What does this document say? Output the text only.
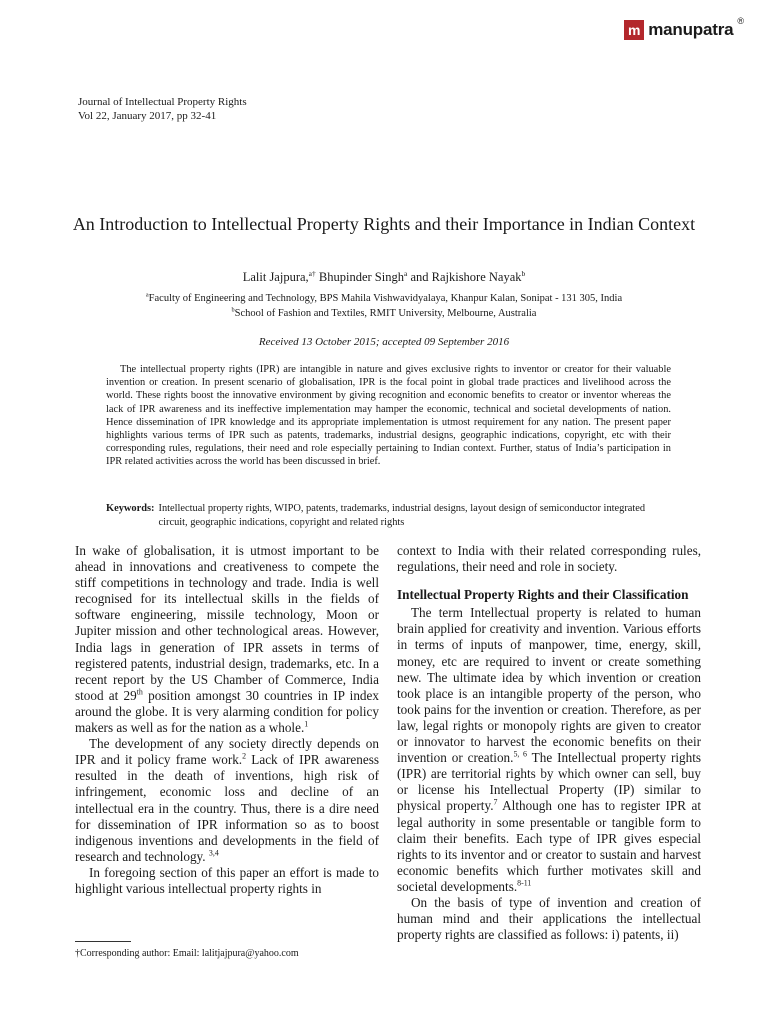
m manupatra ®
Journal of Intellectual Property Rights
Vol 22, January 2017, pp 32-41
An Introduction to Intellectual Property Rights and their Importance in Indian Context
Lalit Jajpura,$^{a\dagger}$ Bhupinder Singh$^a$ and Rajkishore Nayak$^b$
$^a$Faculty of Engineering and Technology, BPS Mahila Vishwavidyalaya, Khanpur Kalan, Sonipat - 131 305, India
$^b$School of Fashion and Textiles, RMIT University, Melbourne, Australia
Received 13 October 2015; accepted 09 September 2016

The intellectual property rights (IPR) are intangible in nature and gives exclusive rights to inventor or creator for their valuable invention or creation. In present scenario of globalisation, IPR is the focal point in global trade practices and livelihood across the world. These rights boost the innovative environment by giving recognition and economic benefits to creator or inventor whereas the lack of IPR awareness and its ineffective implementation may hamper the economic, technical and societal developments of nation. Hence dissemination of IPR knowledge and its appropriate implementation is utmost requirement for any nation. The present paper highlights various terms of IPR such as patents, trademarks, industrial designs, geographic indications, copyright, etc with their corresponding rules, regulations, their need and role especially pertaining to Indian context. Further, status of India’s participation in IPR related activities across the world has been discussed in brief.

Keywords: Intellectual property rights, WIPO, patents, trademarks, industrial designs, layout design of semiconductor integrated circuit, geographic indications, copyright and related rights

In wake of globalisation, it is utmost important to be ahead in innovations and creativeness to compete the stiff competitions in technology and trade. India is well recognised for its intellectual skills in the fields of software engineering, missile technology, Moon or Jupiter mission and other technological areas. However, India lags in generation of IPR assets in terms of registered patents, industrial design, trademarks, etc. In a recent report by the US Chamber of Commerce, India stood at 29th position amongst 30 countries in IP index around the globe. It is very alarming condition for policy makers as well as for the nation as a whole.$^1$

The development of any society directly depends on IPR and it policy frame work.$^2$ Lack of IPR awareness resulted in the death of inventions, high risk of infringement, economic loss and decline of an intellectual era in the country. Thus, there is a dire need for dissemination of IPR information so as to boost indigenous inventions and developments in the field of research and technology. $^{3,4}$

In foregoing section of this paper an effort is made to highlight various intellectual property rights in

context to India with their related corresponding rules, regulations, their need and role in society.

Intellectual Property Rights and their Classification

The term Intellectual property is related to human brain applied for creativity and invention. Various efforts in terms of inputs of manpower, time, energy, skill, money, etc are required to invent or create something new. The ultimate idea by which invention or creation took place is an intangible property of the person, who took pains for the invention or creation. Therefore, as per law, legal rights or monopoly rights are given to creator or innovator to harvest the economic benefits on their invention or creation.$^{5, 6}$ The Intellectual property rights (IPR) are territorial rights by which owner can sell, buy or license his Intellectual Property (IP) similar to physical property.$^7$ Although one has to register IPR at legal authority in some presentable or tangible form to claim their benefits. Each type of IPR gives especial rights to its inventor and or creator to sustain and harvest economic benefits which further motivates skill and societal developments.$^{8-11}$

On the basis of type of invention and creation of human mind and their applications the intellectual property rights are classified as follows: i) patents, ii)

†Corresponding author: Email: lalitjajpura@yahoo.com
